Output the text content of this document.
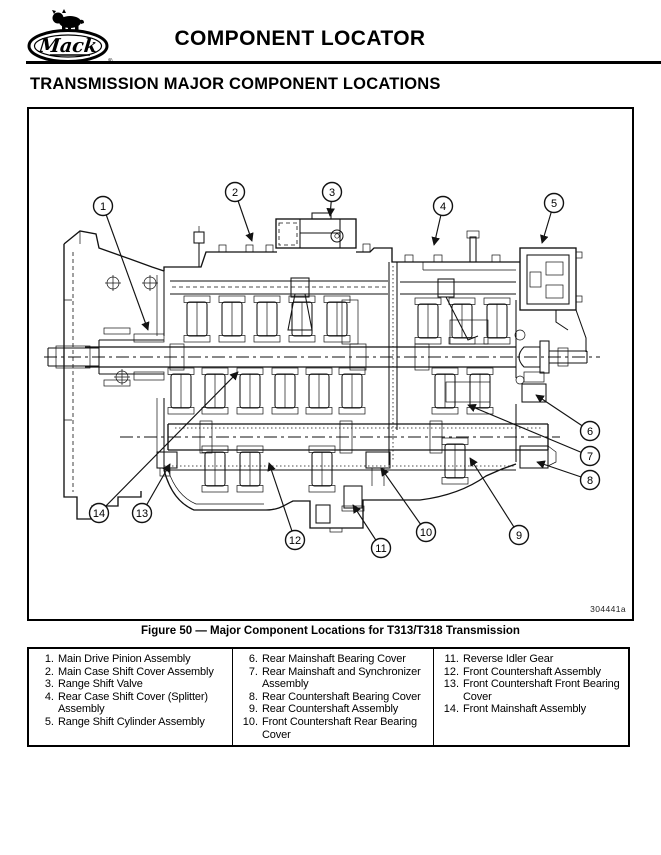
Mack	COMPONENT LOCATOR
TRANSMISSION MAJOR COMPONENT LOCATIONS
1
2	3
4	5
6
7
8
9
10
11
12
13
14
304441a
Figure 50 — Major Component Locations for T313/T318 Transmission
1. Main Drive Pinion Assembly
2. Main Case Shift Cover Assembly
3. Range Shift Valve
4. Rear Case Shift Cover (Splitter) Assembly
5. Range Shift Cylinder Assembly
6. Rear Mainshaft Bearing Cover
7. Rear Mainshaft and Synchronizer Assembly
8. Rear Countershaft Bearing Cover
9. Rear Countershaft Assembly
10. Front Countershaft Rear Bearing Cover
11. Reverse Idler Gear
12. Front Countershaft Assembly
13. Front Countershaft Front Bearing Cover
14. Front Mainshaft Assembly
